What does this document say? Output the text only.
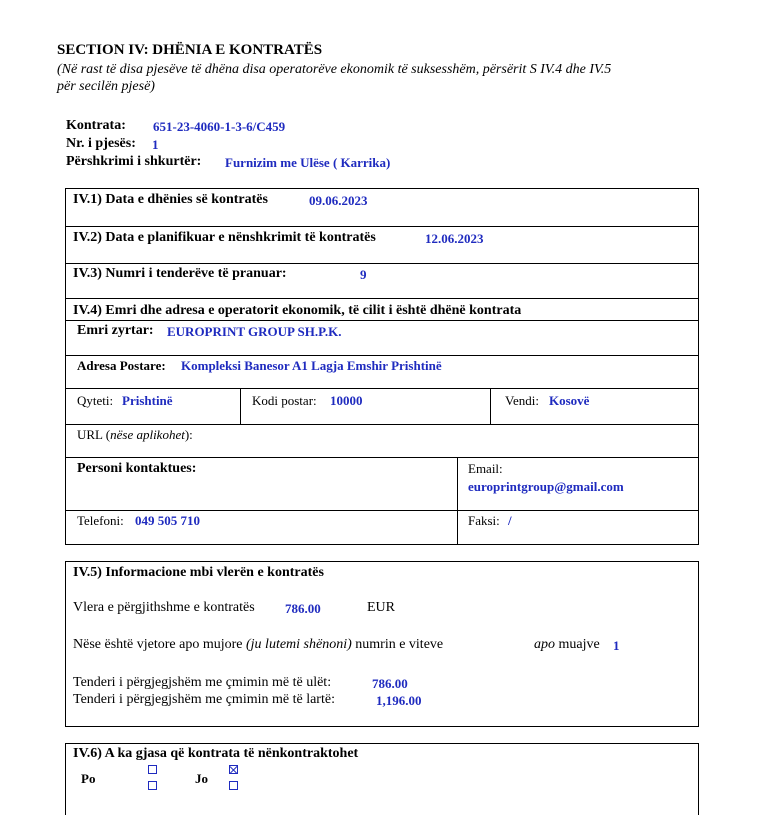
SECTION IV: DHËNIA E KONTRATËS
(Në rast të disa pjesëve të dhëna disa operatorëve ekonomik të suksesshëm, përsërit S IV.4 dhe IV.5
për secilën pjesë)
Kontrata: 651-23-4060-1-3-6/C459
Nr. i pjesës: 1
Përshkrimi i shkurtër: Furnizim me Ulëse ( Karrika)
IV.1) Data e dhënies së kontratës	09.06.2023
IV.2) Data e planifikuar e nënshkrimit të kontratës	12.06.2023
IV.3) Numri i tenderëve të pranuar:	9
IV.4) Emri dhe adresa e operatorit ekonomik, të cilit i është dhënë kontrata
Emri zyrtar: EUROPRINT GROUP SH.P.K.
Adresa Postare: Kompleksi Banesor A1 Lagja Emshir Prishtinë
Qyteti: Prishtinë	Kodi postar: 10000	Vendi: Kosovë
URL (nëse aplikohet):
Personi kontaktues:	Email:
europrintgroup@gmail.com
Telefoni: 049 505 710	Faksi: /
IV.5) Informacione mbi vlerën e kontratës
Vlera e përgjithshme e kontratës 786.00	EUR
Nëse është vjetore apo mujore (ju lutemi shënoni) numrin e viteve	apo muajve 1
Tenderi i përgjegjshëm me çmimin më të ulët:	786.00
Tenderi i përgjegjshëm me çmimin më të lartë:	1,196.00
IV.6) A ka gjasa që kontrata të nënkontraktohet
Po	Jo
